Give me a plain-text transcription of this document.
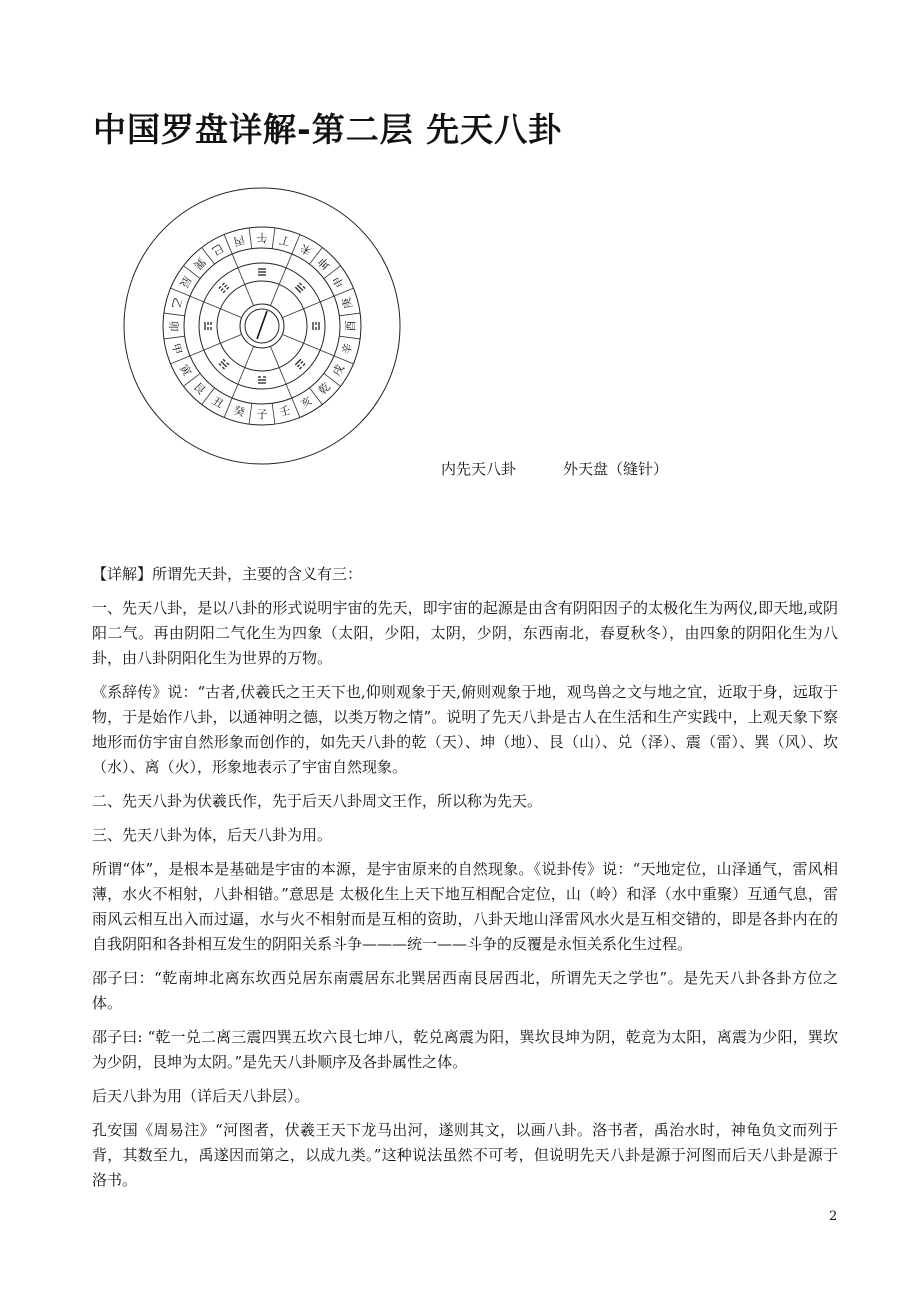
中国罗盘详解-第二层 先天八卦
子
癸
丑
艮
寅
甲
卯
乙
辰
巽
巳
丙 午 丁
未
坤
申
庚
酉
辛
戌
乾
亥
壬
内先天八卦	外天盘（缝针）

【详解】所谓先天卦，主要的含义有三：

一、先天八卦，是以八卦的形式说明宇宙的先天，即宇宙的起源是由含有阴阳因子的太极化生为两仪,即天地,或阴阳二气。再由阴阳二气化生为四象（太阳，少阳，太阴，少阴，东西南北，春夏秋冬），由四象的阴阳化生为八卦，由八卦阴阳化生为世界的万物。

《系辞传》说：“古者,伏羲氏之王天下也,仰则观象于天,俯则观象于地，观鸟兽之文与地之宜，近取于身，远取于物，于是始作八卦，以通神明之德，以类万物之情”。说明了先天八卦是古人在生活和生产实践中，上观天象下察地形而仿宇宙自然形象而创作的，如先天八卦的乾（天）、坤（地）、艮（山）、兑（泽）、震（雷）、巽（风）、坎（水）、离（火），形象地表示了宇宙自然现象。

二、先天八卦为伏羲氏作，先于后天八卦周文王作，所以称为先天。

三、先天八卦为体，后天八卦为用。

所谓“体”，是根本是基础是宇宙的本源，是宇宙原来的自然现象。《说卦传》说：“天地定位，山泽通气，雷风相薄，水火不相射，八卦相错。”意思是 太极化生上天下地互相配合定位，山（岭）和泽（水中重聚）互通气息，雷雨风云相互出入而过逼，水与火不相射而是互相的资助，八卦天地山泽雷风水火是互相交错的，即是各卦内在的自我阴阳和各卦相互发生的阴阳关系斗争———统一——斗争的反覆是永恒关系化生过程。

邵子曰：“乾南坤北离东坎西兑居东南震居东北巽居西南艮居西北，所谓先天之学也”。是先天八卦各卦方位之体。

邵子曰: “乾一兑二离三震四巽五坎六艮七坤八，乾兑离震为阳，巽坎艮坤为阴，乾竞为太阳，离震为少阳，巽坎为少阴，艮坤为太阴。”是先天八卦顺序及各卦属性之体。

后天八卦为用（详后天八卦层）。

孔安国《周易注》“河图者，伏羲王天下龙马出河，遂则其文，以画八卦。洛书者，禹治水时，神龟负文而列于背，其数至九，禹遂因而第之，以成九类。”这种说法虽然不可考，但说明先天八卦是源于河图而后天八卦是源于洛书。

2
